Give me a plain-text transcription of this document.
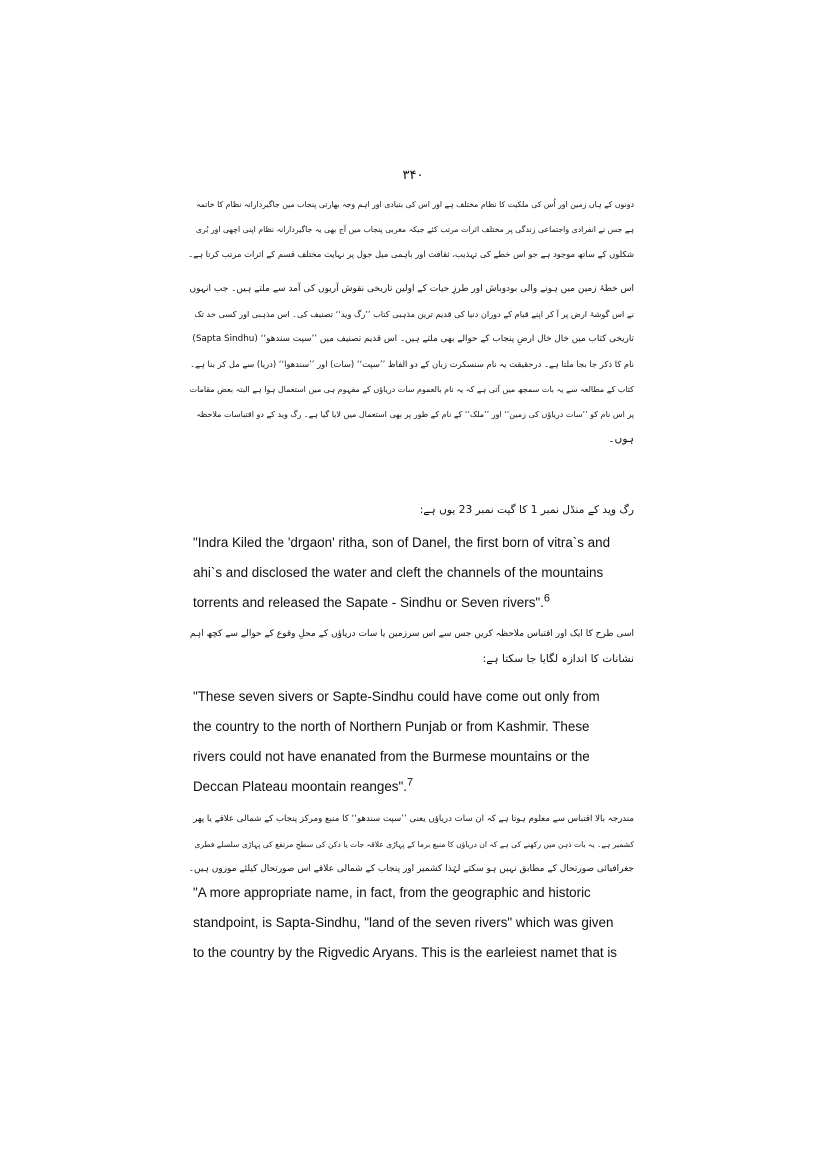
۳۴۰
دونوں کے ہاں زمین اور اُس کی ملکیت کا نظام مختلف ہے اور اس کی بنیادی اور اہم وجہ بھارتی پنجاب میں جاگیردارانہ نظام کا خاتمہ
ہے جس نے انفرادی واجتماعی زندگی پر مختلف اثرات مرتب کئے جبکہ مغربی پنجاب میں آج بھی یہ جاگیردارانہ نظام اپنی اچھی اور بُری
شکلوں کے ساتھ موجود ہے جو اس خطے کی تہذیب، ثقافت اور باہمی میل جول پر نہایت مختلف قسم کے اثرات مرتب کرتا ہے۔
اس خطۂ زمین میں ہونے والی بودوباش اور طرزِ حیات کے اولین تاریخی نقوش آریوں کی آمد سے ملتے ہیں۔ جب انہوں
نے اس گوشۂ ارض پر آ کر اپنے قیام کے دوران دنیا کی قدیم ترین مذہبی کتاب ’’رگ وید‘‘ تصنیف کی۔ اس مذہبی اور کسی حد تک
تاریخی کتاب میں خال خال ارضِ پنجاب کے حوالے بھی ملتے ہیں۔ اس قدیم تصنیف میں ’’سپت سندھو‘‘ (Sapta Sindhu)
نام کا ذکر جا بجا ملتا ہے۔ درحقیقت یہ نام سنسکرت زبان کے دو الفاظ ’’سپت‘‘ (سات) اور ’’سندھوا‘‘ (دریا) سے مل کر بنا ہے۔
کتاب کے مطالعہ سے یہ بات سمجھ میں آتی ہے کہ یہ نام بالعموم سات دریاؤں کے مفہوم ہی میں استعمال ہوا ہے البتہ بعض مقامات
پر اس نام کو ’’سات دریاؤں کی زمین‘‘ اور ’’ملک‘‘ کے نام کے طور پر بھی استعمال میں لایا گیا ہے۔ رگ وید کے دو اقتباسات ملاحظہ
ہوں۔
رگ وید کے منڈل نمبر 1 کا گیت نمبر 23 یوں ہے:
"Indra Kiled the 'drgaon' ritha, son of Danel, the first born of vitra`s and
ahi`s and disclosed the water and cleft the channels of the mountains
torrents and released the Sapate - Sindhu or Seven rivers".$^6$
اسی طرح کا ایک اور اقتباس ملاحظہ کریں جس سے اس سرزمین یا سات دریاؤں کے محلِ وقوع کے حوالے سے کچھ اہم
نشانات کا اندازہ لگایا جا سکتا ہے:
"These seven sivers or Sapte-Sindhu could have come out only from
the country to the north of Northern Punjab or from Kashmir. These
rivers could not have enanated from the Burmese mountains or the
Deccan Plateau moontain reanges".$^7$
مندرجہ بالا اقتباس سے معلوم ہوتا ہے کہ ان سات دریاؤں یعنی ’’سپت سندھو‘‘ کا منبع ومرکز پنجاب کے شمالی علاقے یا پھر
کشمیر ہے۔ یہ بات ذہن میں رکھنے کی ہے کہ ان دریاؤں کا منبع برما کے پہاڑی علاقہ جات یا دکن کی سطحِ مرتفع کی پہاڑی سلسلے فطری
جغرافیائی صورتحال کے مطابق نہیں ہو سکتے لہٰذا کشمیر اور پنجاب کے شمالی علاقے اس صورتحال کیلئے موزوں ہیں۔
"A more appropriate name, in fact, from the geographic and historic
standpoint, is Sapta-Sindhu, "land of the seven rivers" which was given
to the country by the Rigvedic Aryans. This is the earleiest namet that is
